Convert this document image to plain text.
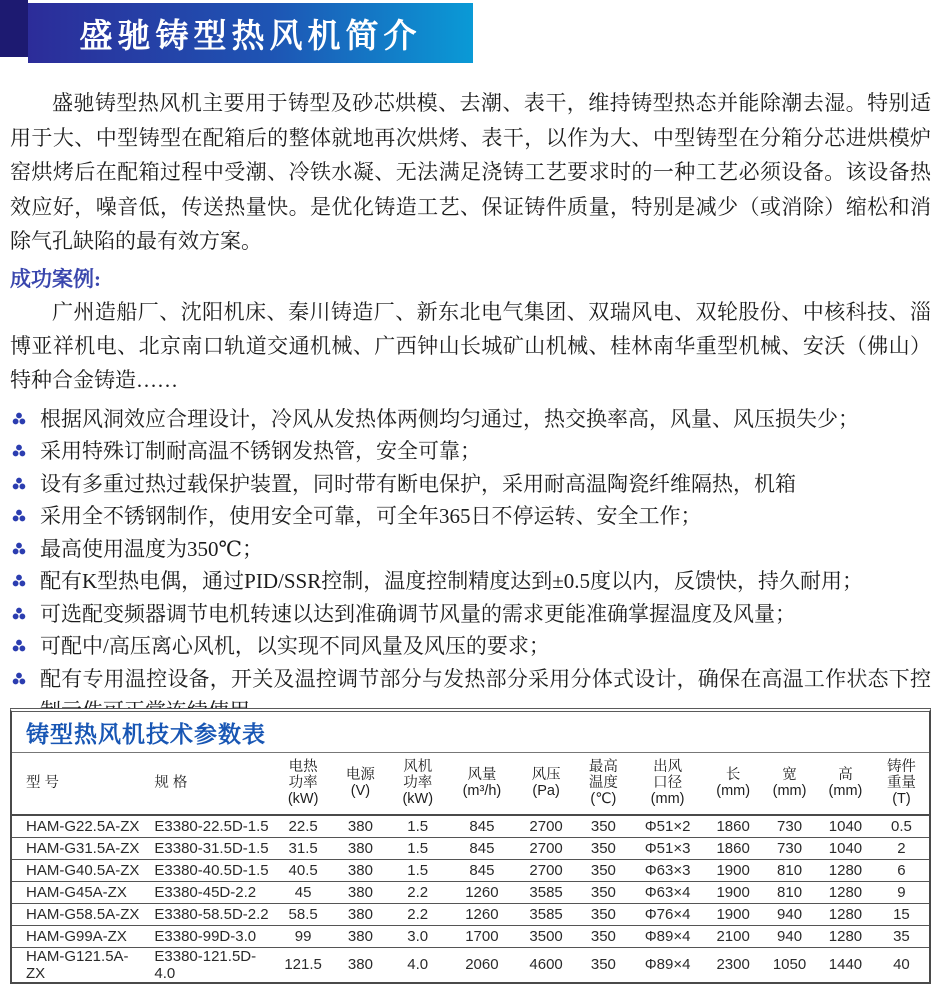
盛驰铸型热风机简介

盛驰铸型热风机主要用于铸型及砂芯烘模、去潮、表干，维持铸型热态并能除潮去湿。特别适用于大、中型铸型在配箱后的整体就地再次烘烤、表干，以作为大、中型铸型在分箱分芯进烘模炉窑烘烤后在配箱过程中受潮、冷铁水凝、无法满足浇铸工艺要求时的一种工艺必须设备。该设备热效应好，噪音低，传送热量快。是优化铸造工艺、保证铸件质量，特别是减少（或消除）缩松和消除气孔缺陷的最有效方案。

成功案例:

广州造船厂、沈阳机床、秦川铸造厂、新东北电气集团、双瑞风电、双轮股份、中核科技、淄博亚祥机电、北京南口轨道交通机械、广西钟山长城矿山机械、桂林南华重型机械、安沃（佛山）特种合金铸造……

根据风洞效应合理设计，冷风从发热体两侧均匀通过，热交换率高，风量、风压损失少；
采用特殊订制耐高温不锈钢发热管，安全可靠；
设有多重过热过载保护装置，同时带有断电保护，采用耐高温陶瓷纤维隔热，机箱
采用全不锈钢制作，使用安全可靠，可全年365日不停运转、安全工作；
最高使用温度为350℃；
配有K型热电偶，通过PID/SSR控制，温度控制精度达到±0.5度以内，反馈快，持久耐用；
可选配变频器调节电机转速以达到准确调节风量的需求更能准确掌握温度及风量；
可配中/高压离心风机，以实现不同风量及风压的要求；
配有专用温控设备，开关及温控调节部分与发热部分采用分体式设计，确保在高温工作状态下控
铸型热风机技术参数表
型 号	规 格	电热
功率
(kW)	电源
(V)	风机
功率
(kW)	风量
(m³/h)	风压
(Pa)	最高
温度
(℃)	出风
口径
(mm)	长
(mm)	宽
(mm)	高
(mm)	铸件
重量
(T)
HAM-G22.5A-ZX	E3380-22.5D-1.5	22.5	380	1.5	845	2700	350	Φ51×2	1860	730	1040	0.5
HAM-G31.5A-ZX	E3380-31.5D-1.5	31.5	380	1.5	845	2700	350	Φ51×3	1860	730	1040	2
HAM-G40.5A-ZX	E3380-40.5D-1.5	40.5	380	1.5	845	2700	350	Φ63×3	1900	810	1280	6
HAM-G45A-ZX	E3380-45D-2.2	45	380	2.2	1260	3585	350	Φ63×4	1900	810	1280	9
HAM-G58.5A-ZX	E3380-58.5D-2.2	58.5	380	2.2	1260	3585	350	Φ76×4	1900	940	1280	15
HAM-G99A-ZX	E3380-99D-3.0	99	380	3.0	1700	3500	350	Φ89×4	2100	940	1280	35
HAM-G121.5A-ZX	E3380-121.5D-4.0	121.5	380	4.0	2060	4600	350	Φ89×4	2300	1050	1440	40
